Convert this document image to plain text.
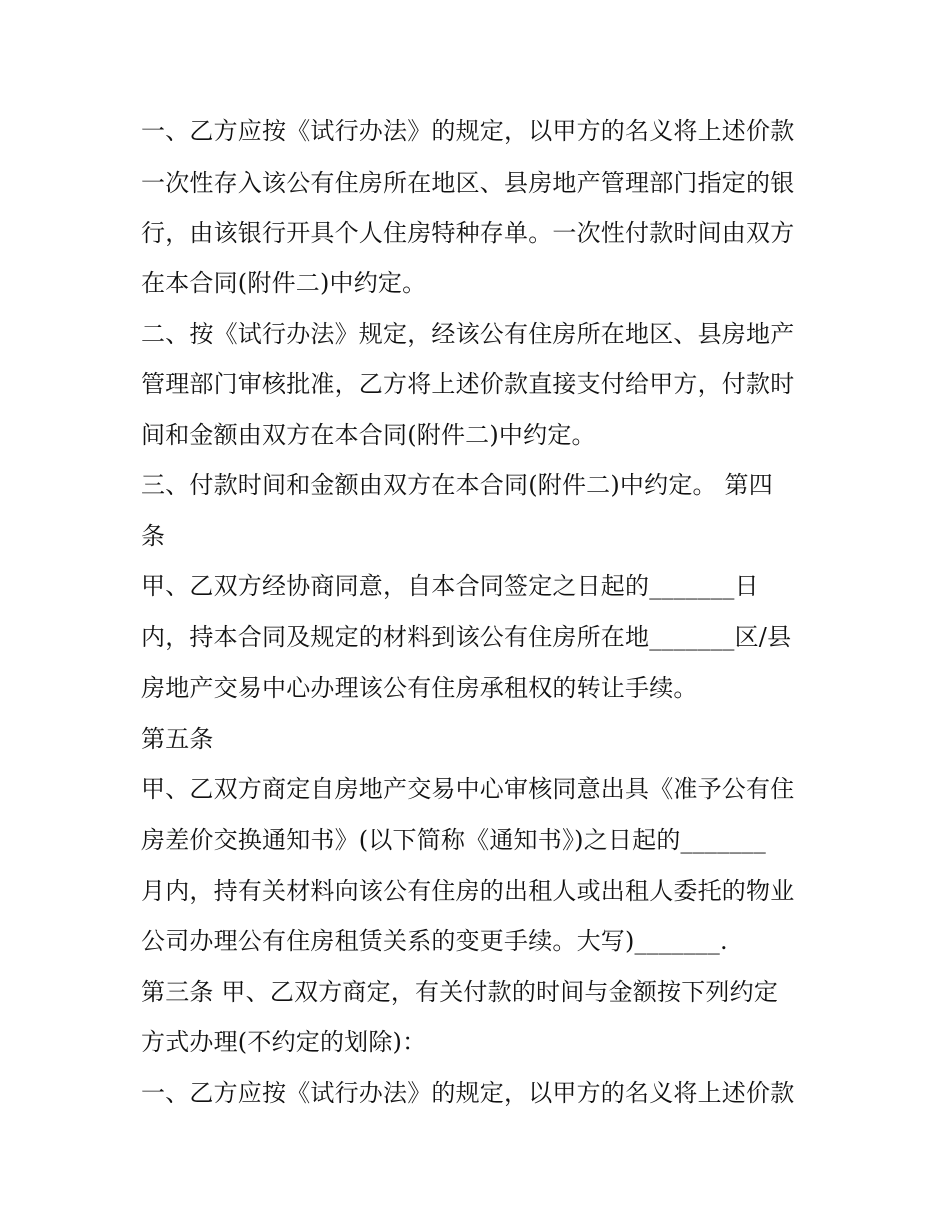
一、乙方应按《试行办法》的规定，以甲方的名义将上述价款
一次性存入该公有住房所在地区、县房地产管理部门指定的银
行，由该银行开具个人住房特种存单。一次性付款时间由双方
在本合同(附件二)中约定。
二、按《试行办法》规定，经该公有住房所在地区、县房地产
管理部门审核批准，乙方将上述价款直接支付给甲方，付款时
间和金额由双方在本合同(附件二)中约定。
三、付款时间和金额由双方在本合同(附件二)中约定。 第四
条
甲、乙双方经协商同意，自本合同签定之日起的_______日
内，持本合同及规定的材料到该公有住房所在地_______区/县
房地产交易中心办理该公有住房承租权的转让手续。
第五条
甲、乙双方商定自房地产交易中心审核同意出具《准予公有住
房差价交换通知书》(以下简称《通知书》)之日起的_______
月内，持有关材料向该公有住房的出租人或出租人委托的物业
公司办理公有住房租赁关系的变更手续。大写)_______.
第三条 甲、乙双方商定，有关付款的时间与金额按下列约定
方式办理(不约定的划除)：
一、乙方应按《试行办法》的规定，以甲方的名义将上述价款
